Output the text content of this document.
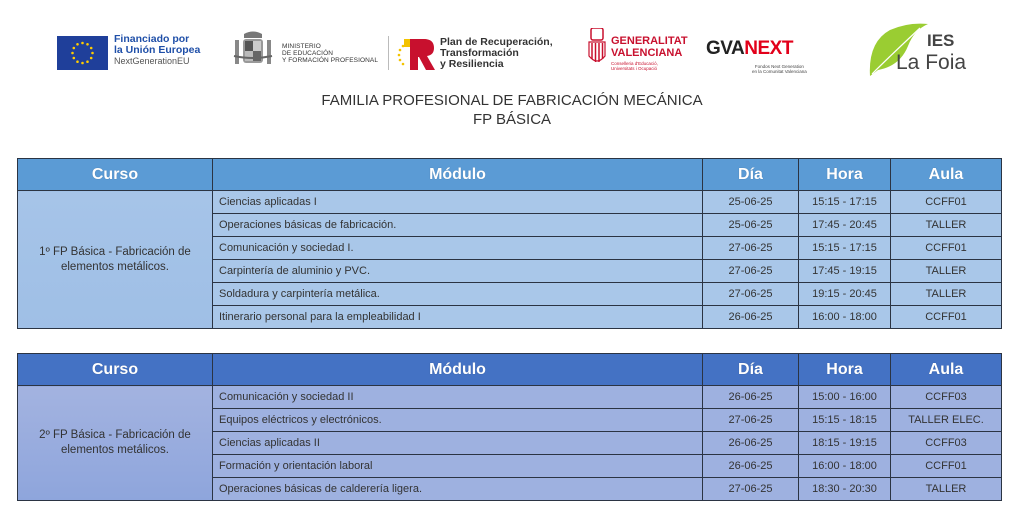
Financiado por
la Unión Europea
NextGenerationEU
MINISTERIO
DE EDUCACIÓN
Y FORMACIÓN PROFESIONAL
Plan de Recuperación,
Transformación
y Resiliencia
GENERALITAT
VALENCIANA
Conselleria d'Educació,
Universitats i Ocupació
GVANEXT
Fondos Next Generation
en la Comunitat Valenciana
IES
La Foia
FAMILIA PROFESIONAL DE FABRICACIÓN MECÁNICA
FP BÁSICA
Curso	Módulo	Día	Hora	Aula
1º FP Básica - Fabricación de elementos metálicos.	Ciencias aplicadas I	25-06-25	15:15 - 17:15	CCFF01
	Operaciones básicas de fabricación.	25-06-25	17:45 - 20:45	TALLER
	Comunicación y sociedad I.	27-06-25	15:15 - 17:15	CCFF01
	Carpintería de aluminio y PVC.	27-06-25	17:45 - 19:15	TALLER
	Soldadura y carpintería metálica.	27-06-25	19:15 - 20:45	TALLER
	Itinerario personal para la empleabilidad I	26-06-25	16:00 - 18:00	CCFF01
Curso	Módulo	Día	Hora	Aula
2º FP Básica - Fabricación de elementos metálicos.	Comunicación y sociedad II	26-06-25	15:00 - 16:00	CCFF03
	Equipos eléctricos y electrónicos.	27-06-25	15:15 - 18:15	TALLER ELEC.
	Ciencias aplicadas II	26-06-25	18:15 - 19:15	CCFF03
	Formación y orientación laboral	26-06-25	16:00 - 18:00	CCFF01
	Operaciones básicas de calderería ligera.	27-06-25	18:30 - 20:30	TALLER
